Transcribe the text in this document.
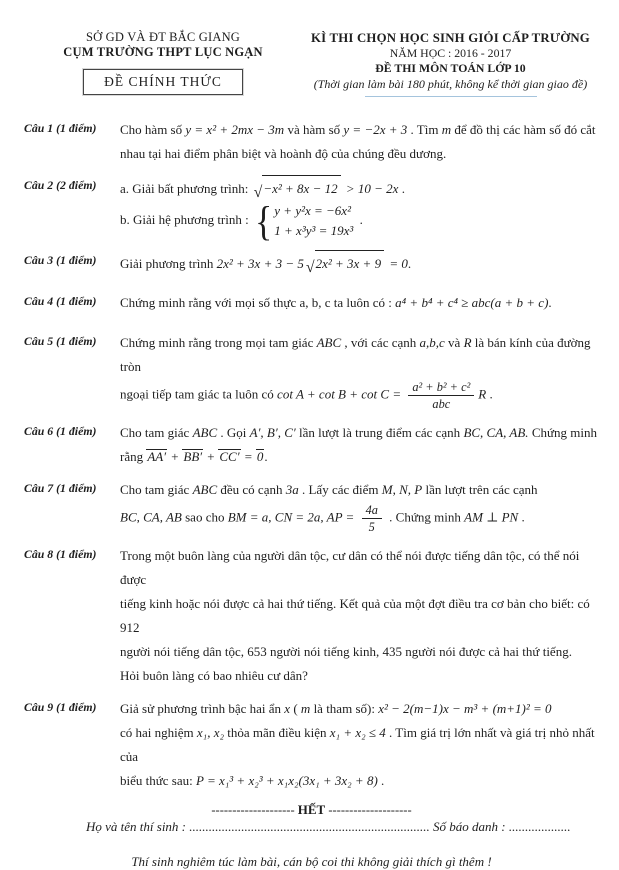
SỞ GD VÀ ĐT BẮC GIANG
CỤM TRƯỜNG THPT LỤC NGẠN
ĐỀ CHÍNH THỨC
KÌ THI CHỌN HỌC SINH GIỎI CẤP TRƯỜNG
NĂM HỌC : 2016 - 2017
ĐỀ THI MÔN TOÁN LỚP 10
(Thời gian làm bài 180 phút, không kể thời gian giao đề)
Câu 1 (1 điểm)	Cho hàm số y = x² + 2mx − 3m và hàm số y = −2x + 3 . Tìm m để đồ thị các hàm số đó cắt
nhau tại hai điểm phân biệt và hoành độ của chúng đều dương.
Câu 2 (2 điểm)	a. Giải bất phương trình: √ −x² + 8x − 12 > 10 − 2x .
b. Giải hệ phương trình : { y + y²x = −6x²
1 + x³y³ = 19x³
.
Câu 3 (1 điểm)	Giải phương trình 2x² + 3x + 3 − 5 √ 2x² + 3x + 9 = 0.
Câu 4 (1 điểm)	Chứng minh rằng với mọi số thực a, b, c ta luôn có : a⁴ + b⁴ + c⁴ ≥ abc(a + b + c).
Câu 5 (1 điểm)	Chứng minh rằng trong mọi tam giác ABC , với các cạnh a,b,c và R là bán kính của đường tròn
ngoại tiếp tam giác ta luôn có $\cot A + \cot B + \cot C = \frac{\text{a² + b² + c²}}{\text{abc}}$ R .
Câu 6 (1 điểm)	Cho tam giác ABC . Gọi A′, B′, C′ lần lượt là trung điểm các cạnh BC, CA, AB. Chứng minh
rằng AA′ + BB′ + CC′ = 0.
Câu 7 (1 điểm)	Cho tam giác ABC đều có cạnh 3a . Lấy các điểm M, N, P lần lượt trên các cạnh
BC, CA, AB sao cho BM = a, CN = 2a, AP = $\frac{4a}{5}$ . Chứng minh AM ⊥ PN .
Câu 8 (1 điểm)	Trong một buôn làng của người dân tộc, cư dân có thể nói được tiếng dân tộc, có thể nói được
tiếng kinh hoặc nói được cả hai thứ tiếng. Kết quả của một đợt điều tra cơ bản cho biết: có 912
người nói tiếng dân tộc, 653 người nói tiếng kinh, 435 người nói được cả hai thứ tiếng.
Hỏi buôn làng có bao nhiêu cư dân?
Câu 9 (1 điểm)	Giả sử phương trình bậc hai ẩn x ( m là tham số): x² − 2(m−1)x − m³ + (m+1)² = 0
có hai nghiệm x₁, x₂ thỏa mãn điều kiện x₁ + x₂ ≤ 4 . Tìm giá trị lớn nhất và giá trị nhỏ nhất của
biểu thức sau: P = x₁³ + x₂³ + x₁x₂(3x₁ + 3x₂ + 8) .
-------------------- HẾT --------------------
Họ và tên thí sinh : .......................................................................... Số báo danh : ...................
Thí sinh nghiêm túc làm bài, cán bộ coi thi không giải thích gì thêm !
